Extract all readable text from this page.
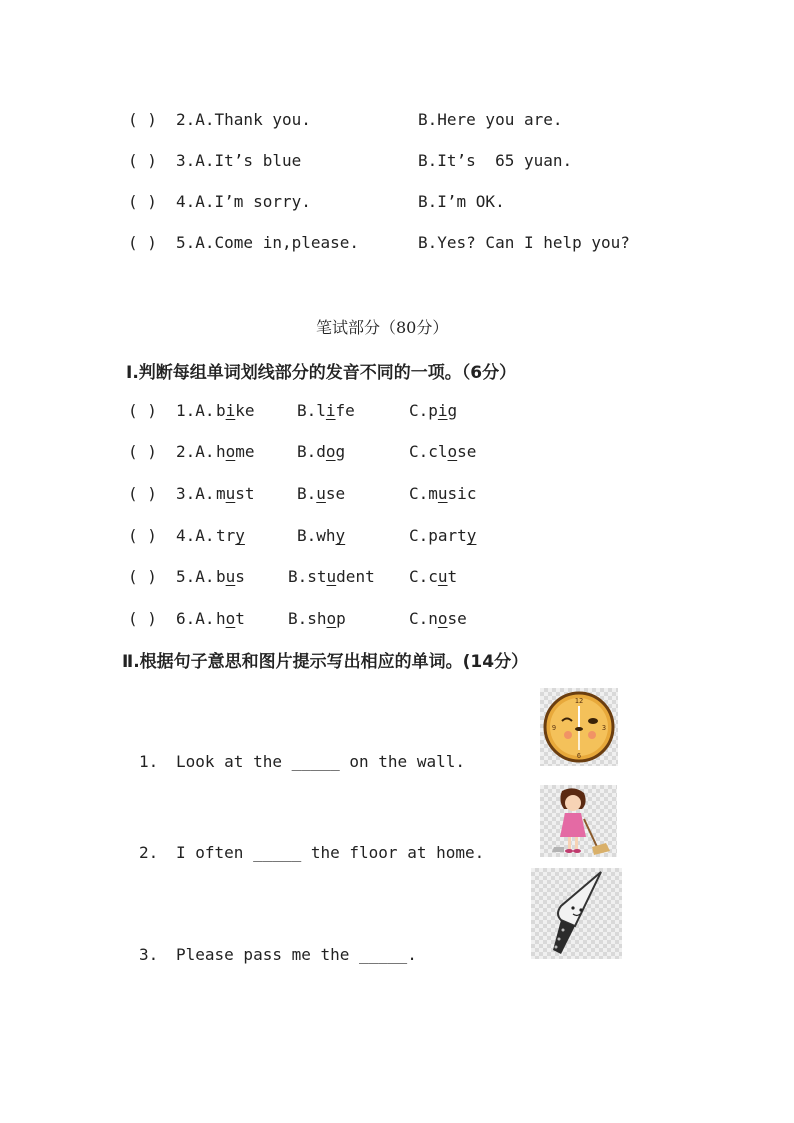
( ) 2.A.Thank you.	B.Here you are.
( ) 3.A.It’s blue	B.It’s  65 yuan.
( ) 4.A.I’m sorry.	B.I’m OK.
( ) 5.A.Come in,please.	B.Yes? Can I help you?
笔试部分（80分）
Ⅰ.判断每组单词划线部分的发音不同的一项。（6分）
( ) 1.A. bike	B.life	C.pig
( ) 2.A. home	B.dog	C.close
( ) 3.A. must	B.use	C.music
( ) 4.A. try	B.why	C.party
( ) 5.A. bus	B.student C.cut
( ) 6.A. hot	B.shop	C.nose
Ⅱ.根据句子意思和图片提示写出相应的单词。(14分）
1. Look at the _____ on the wall.
2. I often _____ the floor at home.
3. Please pass me the _____.
12
3
6
9
